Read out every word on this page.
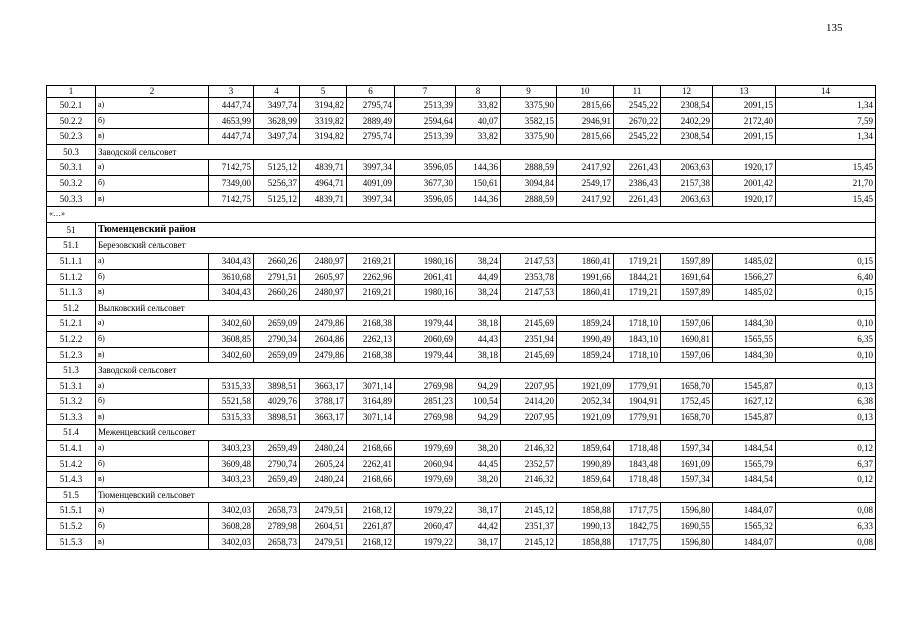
135
1	2	3	4	5	6	7	8	9	10	11	12	13	14
50.2.1	а)	4447,74	3497,74	3194,82	2795,74	2513,39	33,82	3375,90	2815,66	2545,22	2308,54	2091,15	1,34
50.2.2	б)	4653,99	3628,99	3319,82	2889,49	2594,64	40,07	3582,15	2946,91	2670,22	2402,29	2172,40	7,59
50.2.3	в)	4447,74	3497,74	3194,82	2795,74	2513,39	33,82	3375,90	2815,66	2545,22	2308,54	2091,15	1,34
50.3	Заводской сельсовет												
50.3.1	а)	7142,75	5125,12	4839,71	3997,34	3596,05	144,36	2888,59	2417,92	2261,43	2063,63	1920,17	15,45
50.3.2	б)	7349,00	5256,37	4964,71	4091,09	3677,30	150,61	3094,84	2549,17	2386,43	2157,38	2001,42	21,70
50.3.3	в)	7142,75	5125,12	4839,71	3997,34	3596,05	144,36	2888,59	2417,92	2261,43	2063,63	1920,17	15,45
«…»													
51	Тюменцевский район												
51.1	Березовский сельсовет												
51.1.1	а)	3404,43	2660,26	2480,97	2169,21	1980,16	38,24	2147,53	1860,41	1719,21	1597,89	1485,02	0,15
51.1.2	б)	3610,68	2791,51	2605,97	2262,96	2061,41	44,49	2353,78	1991,66	1844,21	1691,64	1566,27	6,40
51.1.3	в)	3404,43	2660,26	2480,97	2169,21	1980,16	38,24	2147,53	1860,41	1719,21	1597,89	1485,02	0,15
51.2	Вылковский сельсовет												
51.2.1	а)	3402,60	2659,09	2479,86	2168,38	1979,44	38,18	2145,69	1859,24	1718,10	1597,06	1484,30	0,10
51.2.2	б)	3608,85	2790,34	2604,86	2262,13	2060,69	44,43	2351,94	1990,49	1843,10	1690,81	1565,55	6,35
51.2.3	в)	3402,60	2659,09	2479,86	2168,38	1979,44	38,18	2145,69	1859,24	1718,10	1597,06	1484,30	0,10
51.3	Заводской сельсовет												
51.3.1	а)	5315,33	3898,51	3663,17	3071,14	2769,98	94,29	2207,95	1921,09	1779,91	1658,70	1545,87	0,13
51.3.2	б)	5521,58	4029,76	3788,17	3164,89	2851,23	100,54	2414,20	2052,34	1904,91	1752,45	1627,12	6,38
51.3.3	в)	5315,33	3898,51	3663,17	3071,14	2769,98	94,29	2207,95	1921,09	1779,91	1658,70	1545,87	0,13
51.4	Меженцевский сельсовет												
51.4.1	а)	3403,23	2659,49	2480,24	2168,66	1979,69	38,20	2146,32	1859,64	1718,48	1597,34	1484,54	0,12
51.4.2	б)	3609,48	2790,74	2605,24	2262,41	2060,94	44,45	2352,57	1990,89	1843,48	1691,09	1565,79	6,37
51.4.3	в)	3403,23	2659,49	2480,24	2168,66	1979,69	38,20	2146,32	1859,64	1718,48	1597,34	1484,54	0,12
51.5	Тюменцевский сельсовет												
51.5.1	а)	3402,03	2658,73	2479,51	2168,12	1979,22	38,17	2145,12	1858,88	1717,75	1596,80	1484,07	0,08
51.5.2	б)	3608,28	2789,98	2604,51	2261,87	2060,47	44,42	2351,37	1990,13	1842,75	1690,55	1565,32	6,33
51.5.3	в)	3402,03	2658,73	2479,51	2168,12	1979,22	38,17	2145,12	1858,88	1717,75	1596,80	1484,07	0,08
